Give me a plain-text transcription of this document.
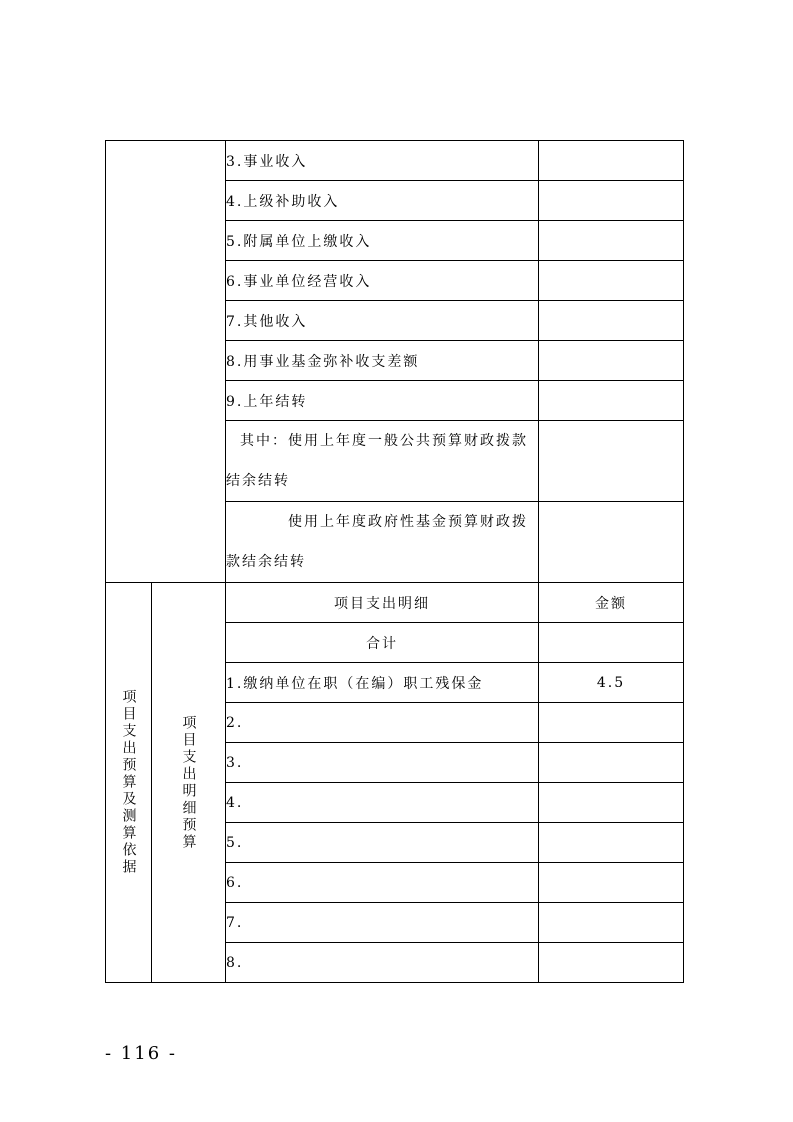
		3.事业收入	
		4.上级补助收入	
		5.附属单位上缴收入	
		6.事业单位经营收入	
		7.其他收入	
		8.用事业基金弥补收支差额	
		9.上年结转	
		其中：使用上年度一般公共预算财政拨款结余结转	
		使用上年度政府性基金预算财政拨款结余结转	

项目支出预算及测算依据	项目支出明细预算	项目支出明细	金额
		合计	
		1.缴纳单位在职（在编）职工残保金	4.5
		2.	
		3.	
		4.	
		5.	
		6.	
		7.	
		8.	
- 116 -
